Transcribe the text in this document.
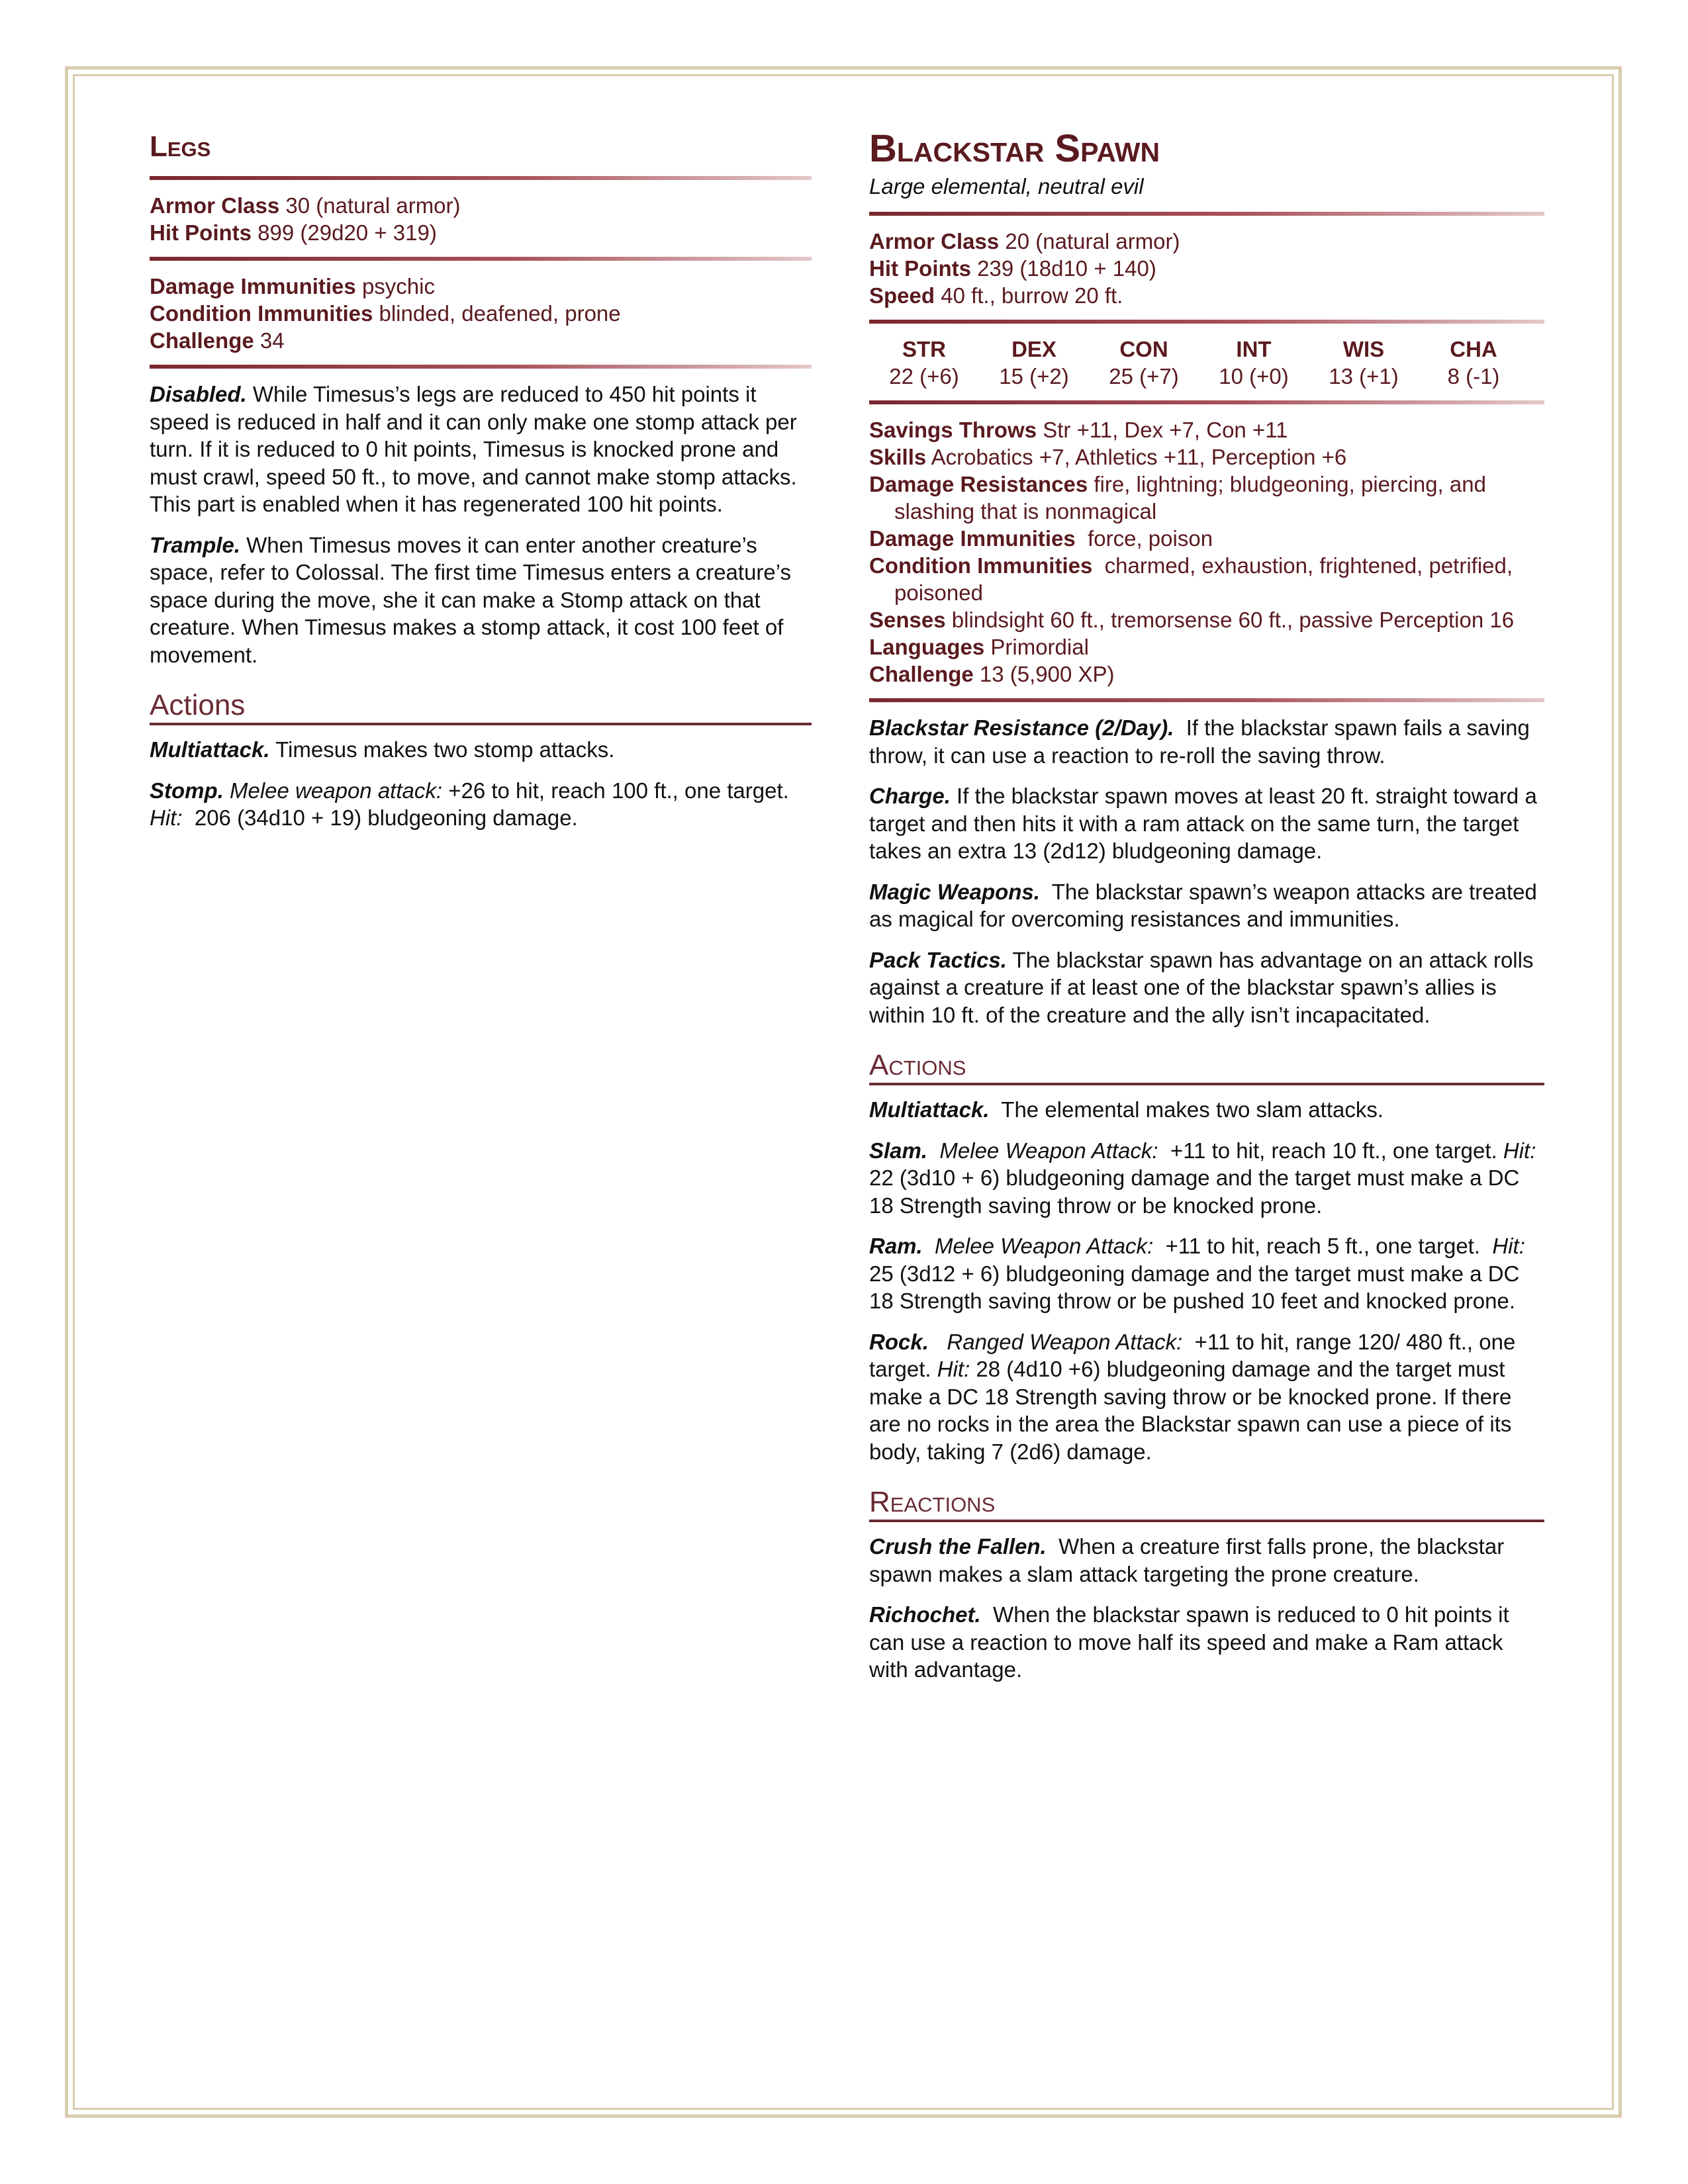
Legs
Armor Class 30 (natural armor)
Hit Points 899 (29d20 + 319)
Damage Immunities psychic
Condition Immunities blinded, deafened, prone
Challenge 34

Disabled. While Timesus’s legs are reduced to 450 hit points it speed is reduced in half and it can only make one stomp attack per turn. If it is reduced to 0 hit points, Timesus is knocked prone and must crawl, speed 50 ft., to move, and cannot make stomp attacks. This part is enabled when it has regenerated 100 hit points.

Trample. When Timesus moves it can enter another creature’s space, refer to Colossal. The first time Timesus enters a creature’s space during the move, she it can make a Stomp attack on that creature. When Timesus makes a stomp attack, it cost 100 feet of movement.

Actions

Multiattack. Timesus makes two stomp attacks.

Stomp. Melee weapon attack: +26 to hit, reach 100 ft., one target. Hit: 206 (34d10 + 19) bludgeoning damage.

Blackstar Spawn

Large elemental, neutral evil

Armor Class 20 (natural armor)
Hit Points 239 (18d10 + 140)
Speed 40 ft., burrow 20 ft.
STR
22 (+6)
DEX
15 (+2)
CON
25 (+7)
INT
10 (+0)
WIS
13 (+1)
CHA
8 (-1)
Savings Throws Str +11, Dex +7, Con +11
Skills Acrobatics +7, Athletics +11, Perception +6
Damage Resistances fire, lightning; bludgeoning, piercing, and slashing that is nonmagical
Damage Immunities force, poison
Condition Immunities charmed, exhaustion, frightened, petrified, poisoned
Senses blindsight 60 ft., tremorsense 60 ft., passive Perception 16
Languages Primordial
Challenge 13 (5,900 XP)

Blackstar Resistance (2/Day). If the blackstar spawn fails a saving throw, it can use a reaction to re-roll the saving throw.

Charge. If the blackstar spawn moves at least 20 ft. straight toward a target and then hits it with a ram attack on the same turn, the target takes an extra 13 (2d12) bludgeoning damage.

Magic Weapons. The blackstar spawn’s weapon attacks are treated as magical for overcoming resistances and immunities.

Pack Tactics. The blackstar spawn has advantage on an attack rolls against a creature if at least one of the blackstar spawn’s allies is within 10 ft. of the creature and the ally isn’t incapacitated.

Actions

Multiattack. The elemental makes two slam attacks.

Slam. Melee Weapon Attack: +11 to hit, reach 10 ft., one target. Hit: 22 (3d10 + 6) bludgeoning damage and the target must make a DC 18 Strength saving throw or be knocked prone.

Ram. Melee Weapon Attack: +11 to hit, reach 5 ft., one target. Hit: 25 (3d12 + 6) bludgeoning damage and the target must make a DC 18 Strength saving throw or be pushed 10 feet and knocked prone.

Rock. Ranged Weapon Attack: +11 to hit, range 120/ 480 ft., one target. Hit: 28 (4d10 +6) bludgeoning damage and the target must make a DC 18 Strength saving throw or be knocked prone. If there are no rocks in the area the Blackstar spawn can use a piece of its body, taking 7 (2d6) damage.

Reactions

Crush the Fallen. When a creature first falls prone, the blackstar spawn makes a slam attack targeting the prone creature.

Richochet. When the blackstar spawn is reduced to 0 hit points it can use a reaction to move half its speed and make a Ram attack with advantage.
